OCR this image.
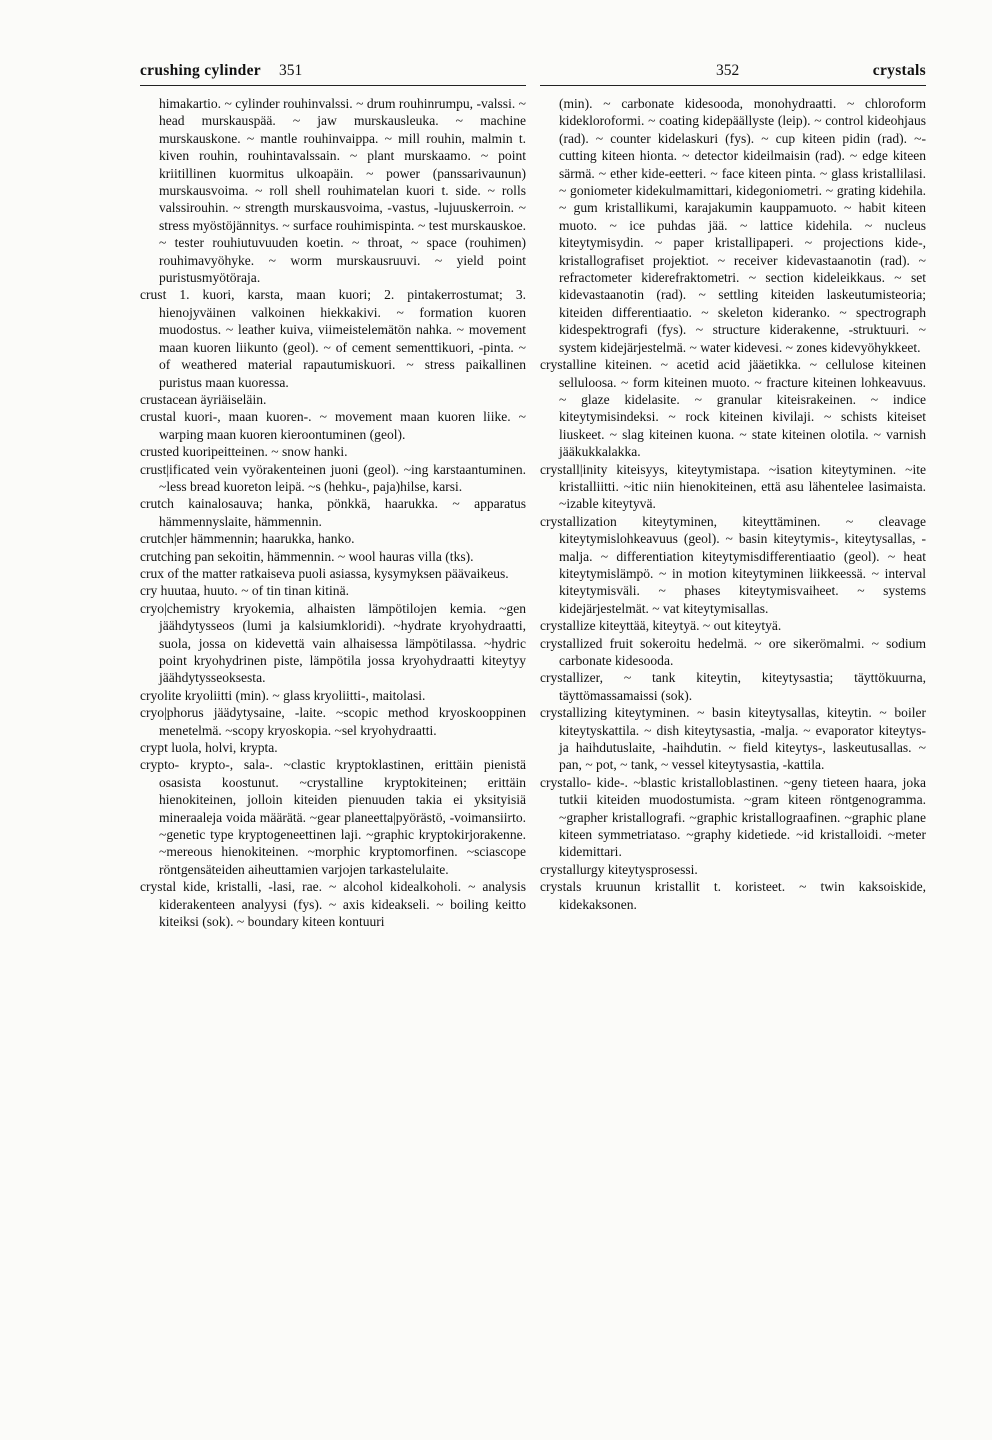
crushing cylinder 351
himakartio. ~ cylinder rouhinvalssi. ~ drum rouhinrumpu, -valssi. ~ head murskauspää. ~ jaw murskausleuka. ~ machine murskauskone. ~ mantle rouhinvaippa. ~ mill rouhin, malmin t. kiven rouhin, rouhintavalssain. ~ plant murskaamo. ~ point kriitillinen kuormitus ulkoapäin. ~ power (panssarivaunun) murskausvoima. ~ roll shell rouhimatelan kuori t. side. ~ rolls valssirouhin. ~ strength murskausvoima, -vastus, -lujuuskerroin. ~ stress myöstöjännitys. ~ surface rouhimispinta. ~ test murskauskoe. ~ tester rouhiutuvuuden koetin. ~ throat, ~ space (rouhimen) rouhimavyöhyke. ~ worm murskausruuvi. ~ yield point puristusmyötöraja.
crust 1. kuori, karsta, maan kuori; 2. pintakerrostumat; 3. hienojyväinen valkoinen hiekkakivi. ~ formation kuoren muodostus. ~ leather kuiva, viimeistelemätön nahka. ~ movement maan kuoren liikunto (geol). ~ of cement sementtikuori, -pinta. ~ of weathered material rapautumiskuori. ~ stress paikallinen puristus maan kuoressa.
crustacean äyriäiseläin.
crustal kuori-, maan kuoren-. ~ movement maan kuoren liike. ~ warping maan kuoren kieroontuminen (geol).
crusted kuoripeitteinen. ~ snow hanki.
crust|ificated vein vyörakenteinen juoni (geol). ~ing karstaantuminen. ~less bread kuoreton leipä. ~s (hehku-, paja)hilse, karsi.
crutch kainalosauva; hanka, pönkkä, haarukka. ~ apparatus hämmennyslaite, hämmennin.
crutch|er hämmennin; haarukka, hanko.
crutching pan sekoitin, hämmennin. ~ wool hauras villa (tks).
crux of the matter ratkaiseva puoli asiassa, kysymyksen päävaikeus.
cry huutaa, huuto. ~ of tin tinan kitinä.
cryo|chemistry kryokemia, alhaisten lämpötilojen kemia. ~gen jäähdytysseos (lumi ja kalsiumkloridi). ~hydrate kryohydraatti, suola, jossa on kidevettä vain alhaisessa lämpötilassa. ~hydric point kryohydrinen piste, lämpötila jossa kryohydraatti kiteytyy jäähdytysseoksesta.
cryolite kryoliitti (min). ~ glass kryoliitti-, maitolasi.
cryo|phorus jäädytysaine, -laite. ~scopic method kryoskooppinen menetelmä. ~scopy kryoskopia. ~sel kryohydraatti.
crypt luola, holvi, krypta.
crypto- krypto-, sala-. ~clastic kryptoklastinen, erittäin pienistä osasista koostunut. ~crystalline kryptokiteinen; erittäin hienokiteinen, jolloin kiteiden pienuuden takia ei yksityisiä mineraaleja voida määrätä. ~gear planeetta|pyörästö, -voimansiirto. ~genetic type kryptogeneettinen laji. ~graphic kryptokirjorakenne. ~mereous hienokiteinen. ~morphic kryptomorfinen. ~sciascope röntgensäteiden aiheuttamien varjojen tarkastelulaite.
crystal kide, kristalli, -lasi, rae. ~ alcohol kidealkoholi. ~ analysis kiderakenteen analyysi (fys). ~ axis kideakseli. ~ boiling keitto kiteiksi (sok). ~ boundary kiteen kontuuri
352	crystals
(min). ~ carbonate kidesooda, monohydraatti. ~ chloroform kidekloroformi. ~ coating kidepäällyste (leip). ~ control kideohjaus (rad). ~ counter kidelaskuri (fys). ~ cup kiteen pidin (rad). ~-cutting kiteen hionta. ~ detector kideilmaisin (rad). ~ edge kiteen särmä. ~ ether kide-eetteri. ~ face kiteen pinta. ~ glass kristallilasi. ~ goniometer kidekulmamittari, kidegoniometri. ~ grating kidehila. ~ gum kristallikumi, karajakumin kauppamuoto. ~ habit kiteen muoto. ~ ice puhdas jää. ~ lattice kidehila. ~ nucleus kiteytymisydin. ~ paper kristallipaperi. ~ projections kide-, kristallografiset projektiot. ~ receiver kidevastaanotin (rad). ~ refractometer kiderefraktometri. ~ section kideleikkaus. ~ set kidevastaanotin (rad). ~ settling kiteiden laskeutumisteoria; kiteiden differentiaatio. ~ skeleton kideranko. ~ spectrograph kidespektrografi (fys). ~ structure kiderakenne, -struktuuri. ~ system kidejärjestelmä. ~ water kidevesi. ~ zones kidevyöhykkeet.
crystalline kiteinen. ~ acetid acid jääetikka. ~ cellulose kiteinen selluloosa. ~ form kiteinen muoto. ~ fracture kiteinen lohkeavuus. ~ glaze kidelasite. ~ granular kiteisrakeinen. ~ indice kiteytymisindeksi. ~ rock kiteinen kivilaji. ~ schists kiteiset liuskeet. ~ slag kiteinen kuona. ~ state kiteinen olotila. ~ varnish jääkukkalakka.
crystall|inity kiteisyys, kiteytymistapa. ~isation kiteytyminen. ~ite kristalliitti. ~itic niin hienokiteinen, että asu lähentelee lasimaista. ~izable kiteytyvä.
crystallization kiteytyminen, kiteyttäminen. ~ cleavage kiteytymislohkeavuus (geol). ~ basin kiteytymis-, kiteytysallas, -malja. ~ differentiation kiteytymisdifferentiaatio (geol). ~ heat kiteytymislämpö. ~ in motion kiteytyminen liikkeessä. ~ interval kiteytymisväli. ~ phases kiteytymisvaiheet. ~ systems kidejärjestelmät. ~ vat kiteytymisallas.
crystallize kiteyttää, kiteytyä. ~ out kiteytyä.
crystallized fruit sokeroitu hedelmä. ~ ore sikerömalmi. ~ sodium carbonate kidesooda.
crystallizer, ~ tank kiteytin, kiteytysastia; täyttökuurna, täyttömassamaissi (sok).
crystallizing kiteytyminen. ~ basin kiteytysallas, kiteytin. ~ boiler kiteytyskattila. ~ dish kiteytysastia, -malja. ~ evaporator kiteytys- ja haihdutuslaite, -haihdutin. ~ field kiteytys-, laskeutusallas. ~ pan, ~ pot, ~ tank, ~ vessel kiteytysastia, -kattila.
crystallo- kide-. ~blastic kristalloblastinen. ~geny tieteen haara, joka tutkii kiteiden muodostumista. ~gram kiteen röntgenogramma. ~grapher kristallografi. ~graphic kristallograafinen. ~graphic plane kiteen symmetriataso. ~graphy kidetiede. ~id kristalloidi. ~meter kidemittari.
crystallurgy kiteytysprosessi.
crystals kruunun kristallit t. koristeet. ~ twin kaksoiskide, kidekaksonen.
